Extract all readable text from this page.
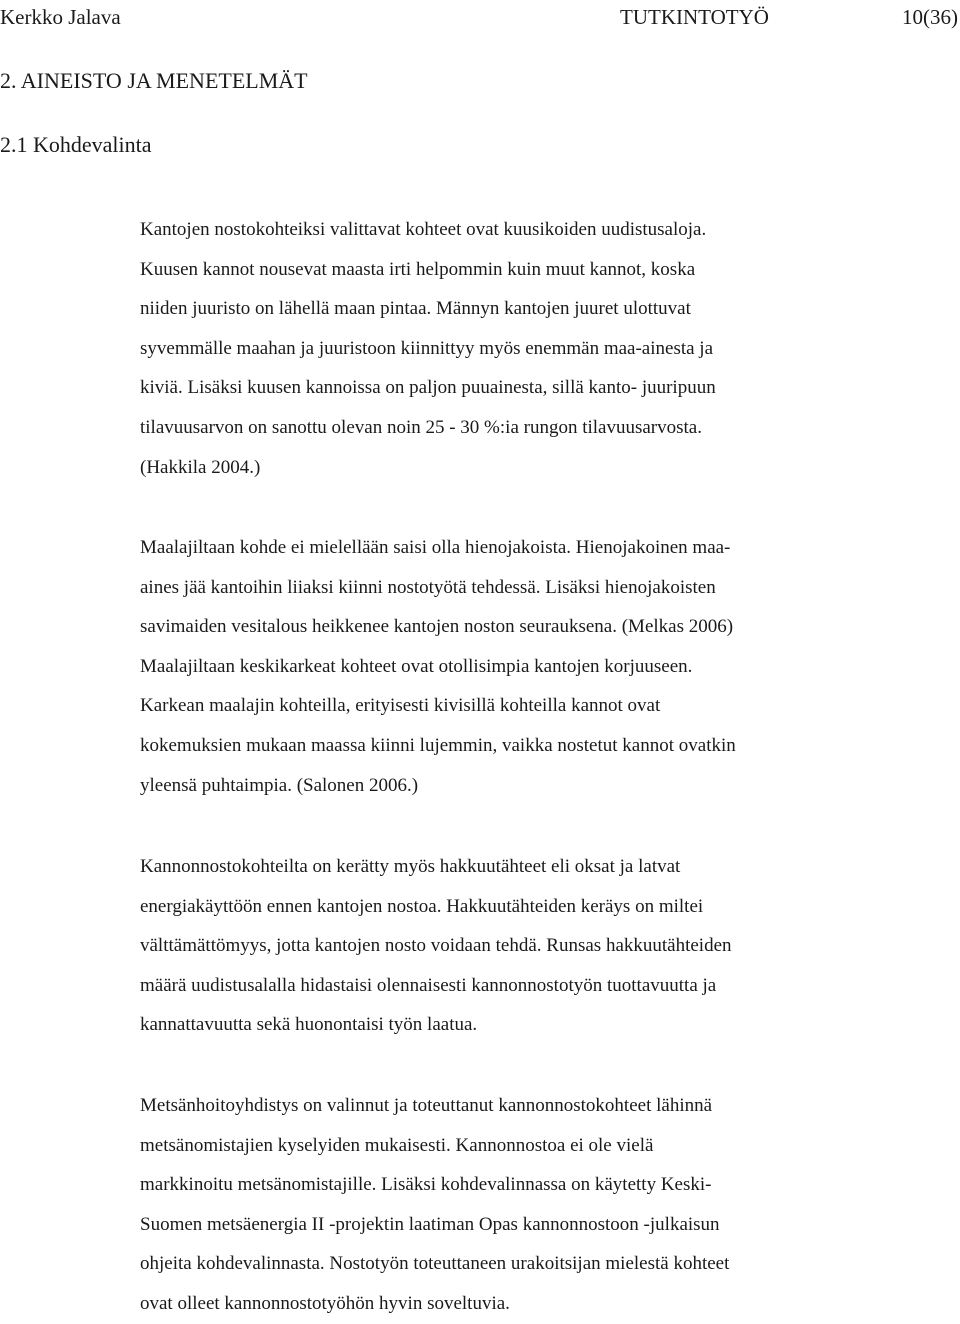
Kerkko Jalava	TUTKINTOTYÖ	10(36)
2. AINEISTO JA MENETELMÄT
2.1 Kohdevalinta

Kantojen nostokohteiksi valittavat kohteet ovat kuusikoiden uudistusaloja.
Kuusen kannot nousevat maasta irti helpommin kuin muut kannot, koska
niiden juuristo on lähellä maan pintaa. Männyn kantojen juuret ulottuvat
syvemmälle maahan ja juuristoon kiinnittyy myös enemmän maa-ainesta ja
kiviä. Lisäksi kuusen kannoissa on paljon puuainesta, sillä kanto- juuripuun
tilavuusarvon on sanottu olevan noin 25 - 30 %:ia rungon tilavuusarvosta.
(Hakkila 2004.)

Maalajiltaan kohde ei mielellään saisi olla hienojakoista. Hienojakoinen maa-
aines jää kantoihin liiaksi kiinni nostotyötä tehdessä. Lisäksi hienojakoisten
savimaiden vesitalous heikkenee kantojen noston seurauksena. (Melkas 2006)
Maalajiltaan keskikarkeat kohteet ovat otollisimpia kantojen korjuuseen.
Karkean maalajin kohteilla, erityisesti kivisillä kohteilla kannot ovat
kokemuksien mukaan maassa kiinni lujemmin, vaikka nostetut kannot ovatkin
yleensä puhtaimpia. (Salonen 2006.)

Kannonnostokohteilta on kerätty myös hakkuutähteet eli oksat ja latvat
energiakäyttöön ennen kantojen nostoa. Hakkuutähteiden keräys on miltei
välttämättömyys, jotta kantojen nosto voidaan tehdä. Runsas hakkuutähteiden
määrä uudistusalalla hidastaisi olennaisesti kannonnostotyön tuottavuutta ja
kannattavuutta sekä huonontaisi työn laatua.

Metsänhoitoyhdistys on valinnut ja toteuttanut kannonnostokohteet lähinnä
metsänomistajien kyselyiden mukaisesti. Kannonnostoa ei ole vielä
markkinoitu metsänomistajille. Lisäksi kohdevalinnassa on käytetty Keski-
Suomen metsäenergia II -projektin laatiman Opas kannonnostoon -julkaisun
ohjeita kohdevalinnasta. Nostotyön toteuttaneen urakoitsijan mielestä kohteet
ovat olleet kannonnostotyöhön hyvin soveltuvia.
